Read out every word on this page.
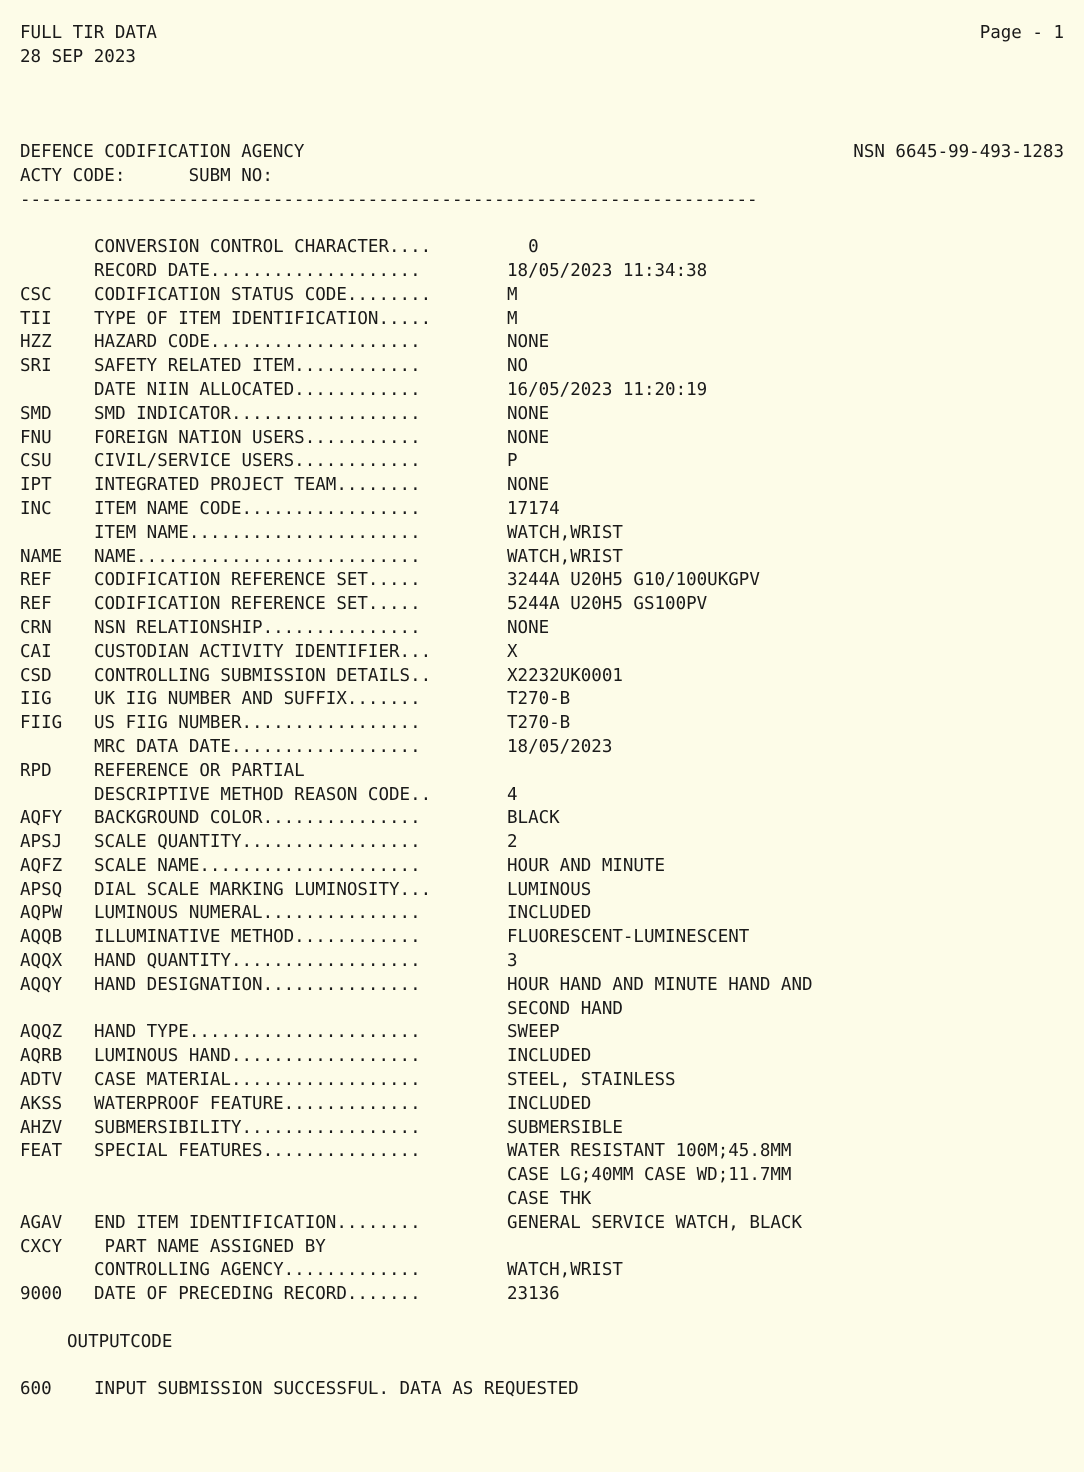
FULL TIR DATA	Page - 1
28 SEP 2023
DEFENCE CODIFICATION AGENCY	NSN 6645-99-493-1283
ACTY CODE:      SUBM NO:
----------------------------------------------------------------------
CONVERSION CONTROL CHARACTER....	0
RECORD DATE....................	18/05/2023 11:34:38
CSC	CODIFICATION STATUS CODE........	M
TII	TYPE OF ITEM IDENTIFICATION.....	M
HZZ	HAZARD CODE....................	NONE
SRI	SAFETY RELATED ITEM............	NO
DATE NIIN ALLOCATED............	16/05/2023 11:20:19
SMD	SMD INDICATOR..................	NONE
FNU	FOREIGN NATION USERS...........	NONE
CSU	CIVIL/SERVICE USERS............	P
IPT	INTEGRATED PROJECT TEAM........	NONE
INC	ITEM NAME CODE.................	17174
ITEM NAME......................	WATCH,WRIST
NAME	NAME...........................	WATCH,WRIST
REF	CODIFICATION REFERENCE SET.....	3244A U20H5 G10/100UKGPV
REF	CODIFICATION REFERENCE SET.....	5244A U20H5 GS100PV
CRN	NSN RELATIONSHIP...............	NONE
CAI	CUSTODIAN ACTIVITY IDENTIFIER...	X
CSD	CONTROLLING SUBMISSION DETAILS..	X2232UK0001
IIG	UK IIG NUMBER AND SUFFIX.......	T270-B
FIIG	US FIIG NUMBER.................	T270-B
MRC DATA DATE..................	18/05/2023
RPD	REFERENCE OR PARTIAL
DESCRIPTIVE METHOD REASON CODE..	4
AQFY	BACKGROUND COLOR...............	BLACK
APSJ	SCALE QUANTITY.................	2
AQFZ	SCALE NAME.....................	HOUR AND MINUTE
APSQ	DIAL SCALE MARKING LUMINOSITY...	LUMINOUS
AQPW	LUMINOUS NUMERAL...............	INCLUDED
AQQB	ILLUMINATIVE METHOD............	FLUORESCENT-LUMINESCENT
AQQX	HAND QUANTITY..................	3
AQQY	HAND DESIGNATION...............	HOUR HAND AND MINUTE HAND AND
SECOND HAND
AQQZ	HAND TYPE......................	SWEEP
AQRB	LUMINOUS HAND..................	INCLUDED
ADTV	CASE MATERIAL..................	STEEL, STAINLESS
AKSS	WATERPROOF FEATURE.............	INCLUDED
AHZV	SUBMERSIBILITY.................	SUBMERSIBLE
FEAT	SPECIAL FEATURES...............	WATER RESISTANT 100M;45.8MM
CASE LG;40MM CASE WD;11.7MM
CASE THK
AGAV	END ITEM IDENTIFICATION........	GENERAL SERVICE WATCH, BLACK
CXCY	PART NAME ASSIGNED BY
CONTROLLING AGENCY.............	WATCH,WRIST
9000	DATE OF PRECEDING RECORD.......	23136
OUTPUTCODE
600	INPUT SUBMISSION SUCCESSFUL. DATA AS REQUESTED
